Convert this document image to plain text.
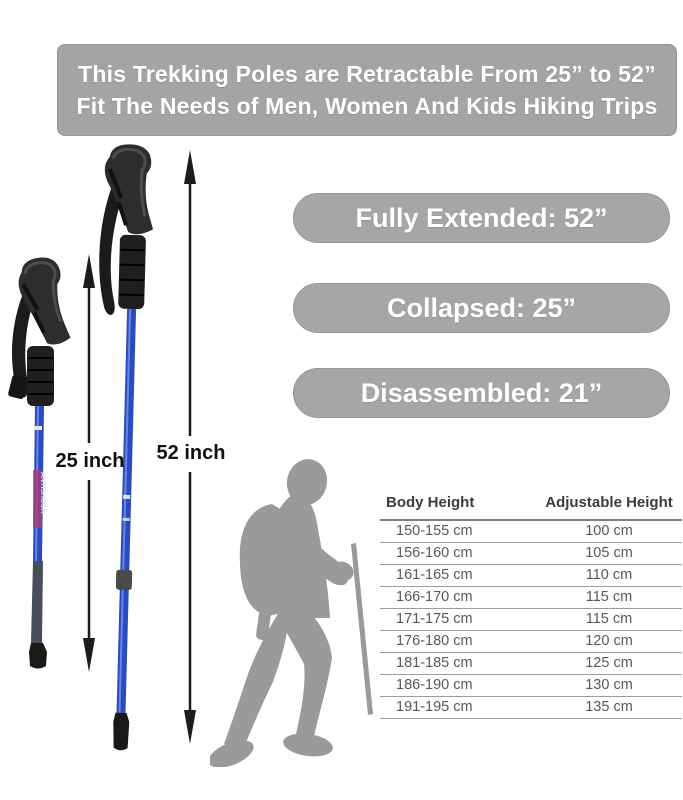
This Trekking Poles are Retractable From 25” to 52”
Fit The Needs of Men, Women And Kids Hiking Trips
Fully Extended: 52”
Collapsed: 25”
Disassembled: 21”
ANTISHOCK
25 inch	52 inch
Body Height	Adjustable Height
150-155 cm	100 cm
156-160 cm	105 cm
161-165 cm	110 cm
166-170 cm	115 cm
171-175 cm	115 cm
176-180 cm	120 cm
181-185 cm	125 cm
186-190 cm	130 cm
191-195 cm	135 cm
